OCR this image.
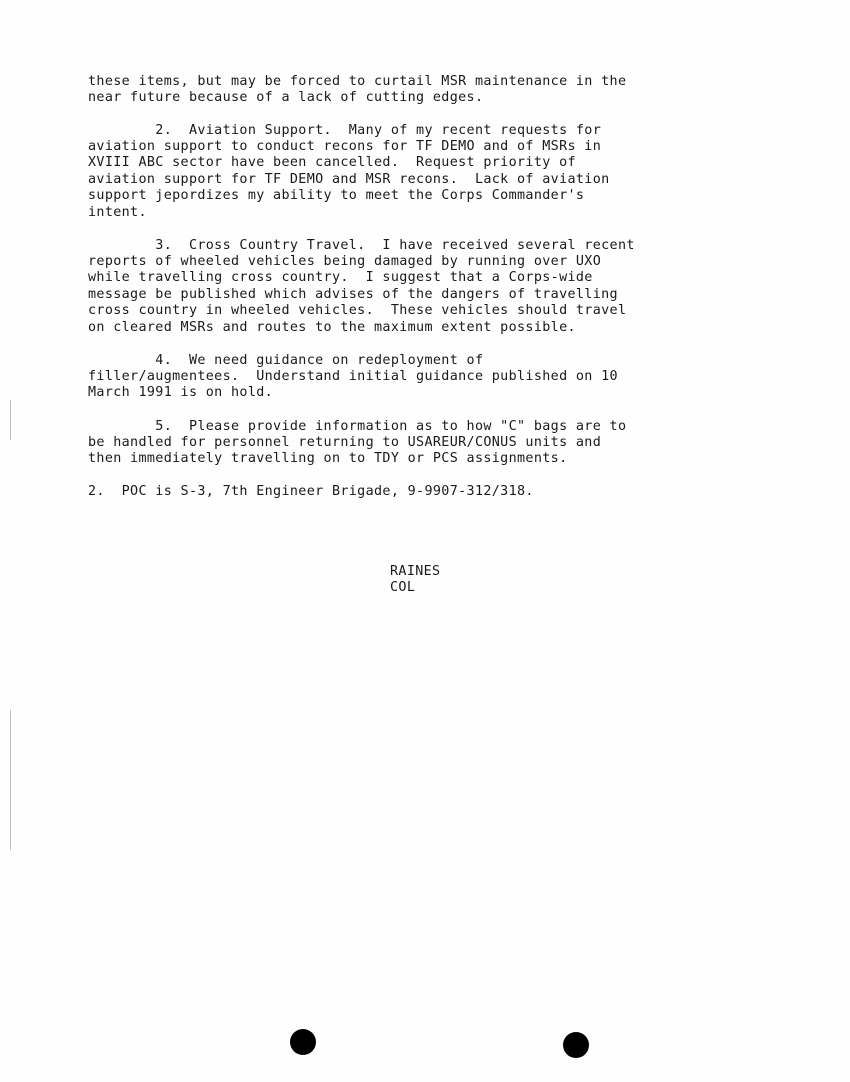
these items, but may be forced to curtail MSR maintenance in the
near future because of a lack of cutting edges.
2.  Aviation Support.  Many of my recent requests for
aviation support to conduct recons for TF DEMO and of MSRs in
XVIII ABC sector have been cancelled.  Request priority of
aviation support for TF DEMO and MSR recons.  Lack of aviation
support jepordizes my ability to meet the Corps Commander's
intent.
3.  Cross Country Travel.  I have received several recent
reports of wheeled vehicles being damaged by running over UXO
while travelling cross country.  I suggest that a Corps-wide
message be published which advises of the dangers of travelling
cross country in wheeled vehicles.  These vehicles should travel
on cleared MSRs and routes to the maximum extent possible.
4.  We need guidance on redeployment of
filler/augmentees.  Understand initial guidance published on 10
March 1991 is on hold.
5.  Please provide information as to how "C" bags are to
be handled for personnel returning to USAREUR/CONUS units and
then immediately travelling on to TDY or PCS assignments.
2.  POC is S-3, 7th Engineer Brigade, 9-9907-312/318.
RAINES
COL
